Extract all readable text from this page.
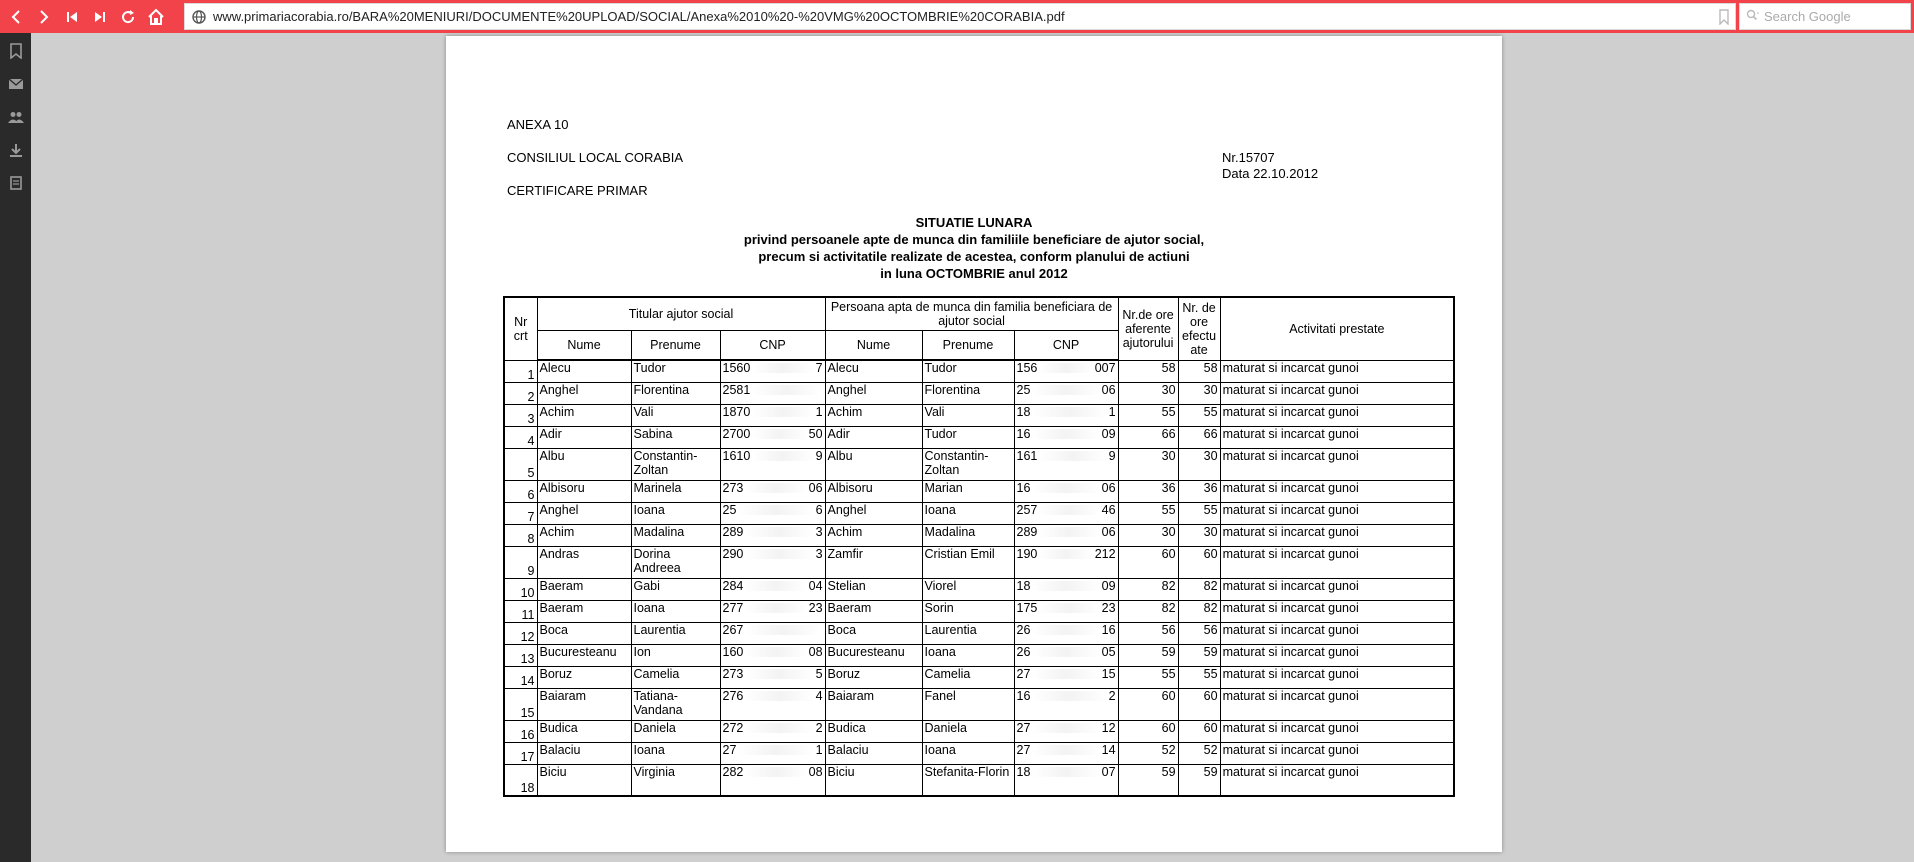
www.primariacorabia.ro/BARA%20MENIURI/DOCUMENTE%20UPLOAD/SOCIAL/Anexa%2010%20-%20VMG%20OCTOMBRIE%20CORABIA.pdf
Search Google
ANEXA 10
CONSILIUL LOCAL CORABIA
CERTIFICARE PRIMAR
Nr.15707
Data 22.10.2012
SITUATIE LUNARA
privind persoanele apte de munca din familiile beneficiare de ajutor social,
precum si activitatile realizate de acestea, conform planului de actiuni
in luna OCTOMBRIE anul 2012
Nr crt	Titular ajutor social			Persoana apta de munca din familia beneficiara de ajutor social			Nr.de ore aferente ajutorului	Nr. de ore efectu ate	Activitati prestate
	Nume	Prenume	CNP	Nume	Prenume	CNP			
1	Alecu	Tudor	1560 7	Alecu	Tudor	156 007	58	58	maturat si incarcat gunoi
2	Anghel	Florentina	2581	Anghel	Florentina	25 06	30	30	maturat si incarcat gunoi
3	Achim	Vali	1870 1	Achim	Vali	18 1	55	55	maturat si incarcat gunoi
4	Adir	Sabina	2700 50	Adir	Tudor	16 09	66	66	maturat si incarcat gunoi
5	Albu	Constantin-Zoltan	1610 9	Albu	Constantin-Zoltan	161 9	30	30	maturat si incarcat gunoi
6	Albisoru	Marinela	273 06	Albisoru	Marian	16 06	36	36	maturat si incarcat gunoi
7	Anghel	Ioana	25 6	Anghel	Ioana	257 46	55	55	maturat si incarcat gunoi
8	Achim	Madalina	289 3	Achim	Madalina	289 06	30	30	maturat si incarcat gunoi
9	Andras	Dorina Andreea	290 3	Zamfir	Cristian Emil	190 212	60	60	maturat si incarcat gunoi
10	Baeram	Gabi	284 04	Stelian	Viorel	18 09	82	82	maturat si incarcat gunoi
11	Baeram	Ioana	277 23	Baeram	Sorin	175 23	82	82	maturat si incarcat gunoi
12	Boca	Laurentia	267	Boca	Laurentia	26 16	56	56	maturat si incarcat gunoi
13	Bucuresteanu	Ion	160 08	Bucuresteanu	Ioana	26 05	59	59	maturat si incarcat gunoi
14	Boruz	Camelia	273 5	Boruz	Camelia	27 15	55	55	maturat si incarcat gunoi
15	Baiaram	Tatiana-Vandana	276 4	Baiaram	Fanel	16 2	60	60	maturat si incarcat gunoi
16	Budica	Daniela	272 2	Budica	Daniela	27 12	60	60	maturat si incarcat gunoi
17	Balaciu	Ioana	27 1	Balaciu	Ioana	27 14	52	52	maturat si incarcat gunoi
18	Biciu	Virginia	282 08	Biciu	Stefanita-Florin	18 07	59	59	maturat si incarcat gunoi
